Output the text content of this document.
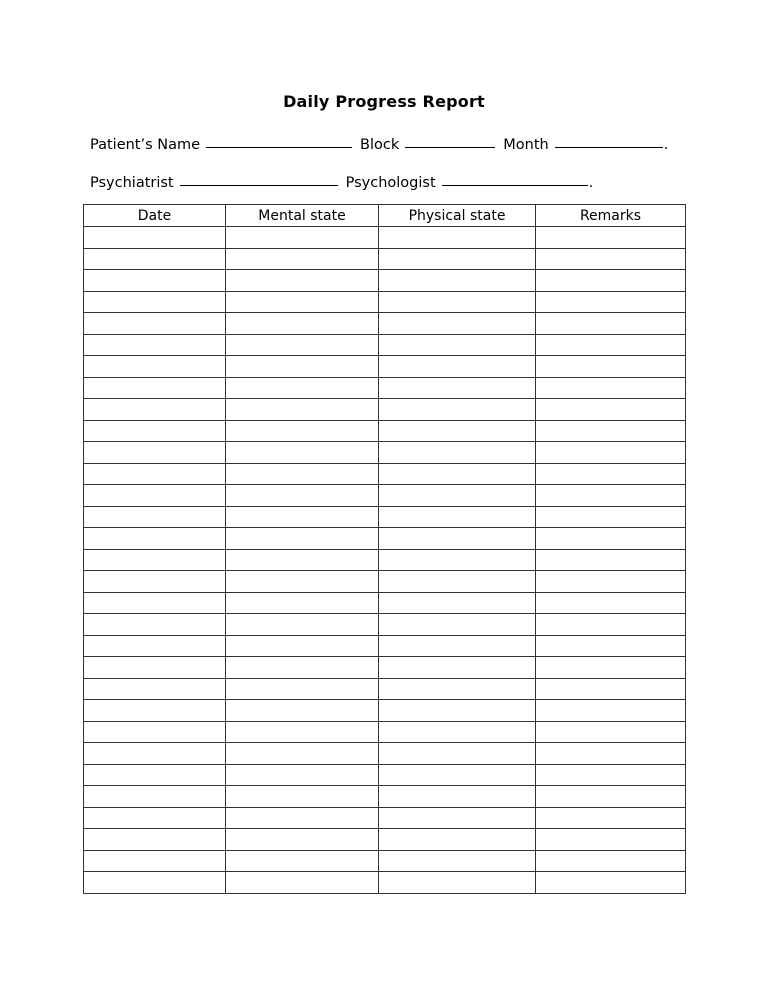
Daily Progress Report
Patient’s Name	Block	Month	.
Psychiatrist	Psychologist	.
Date	Mental state	Physical state	Remarks
